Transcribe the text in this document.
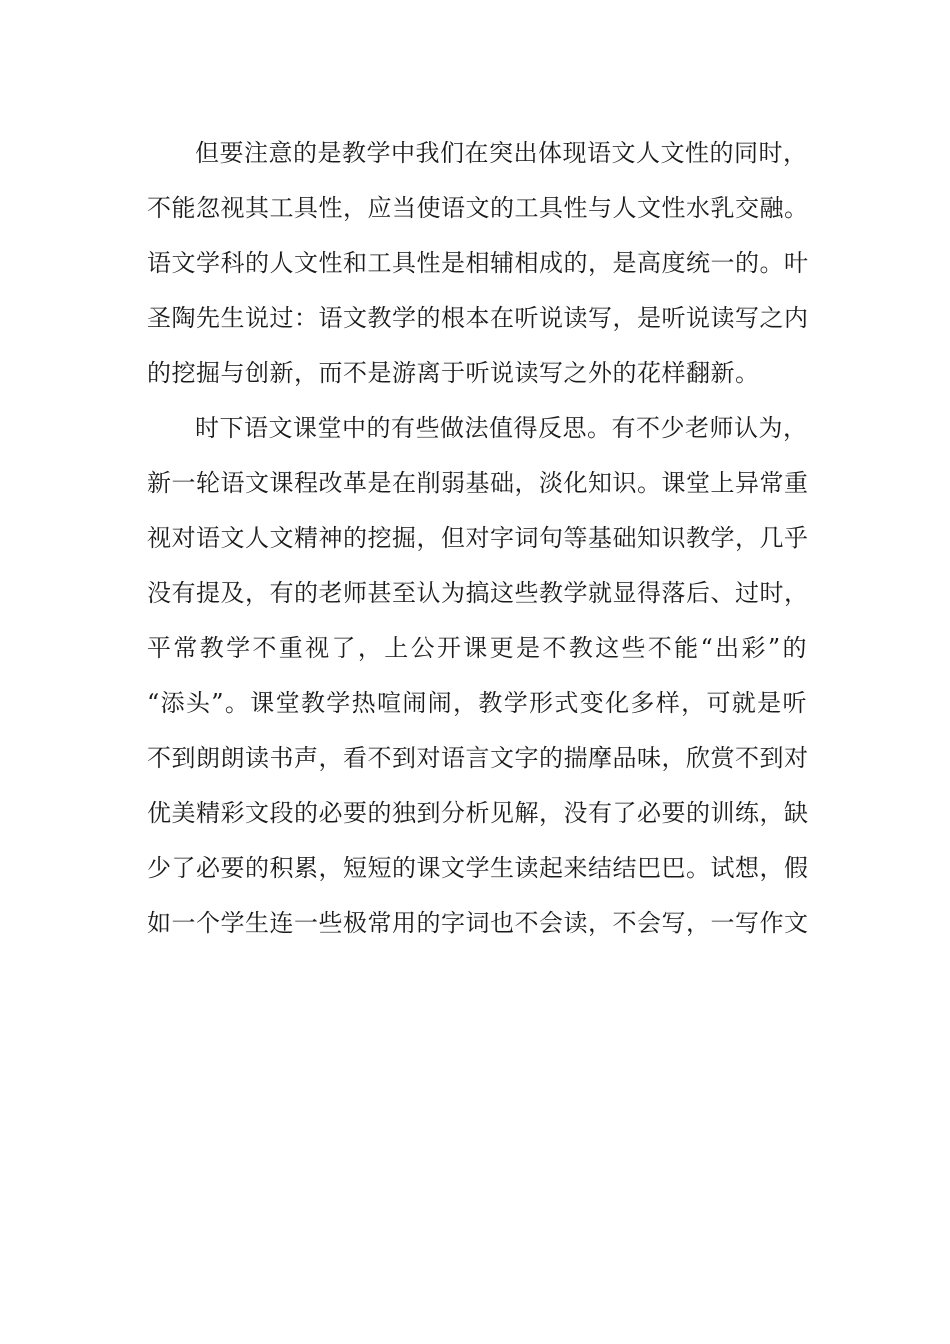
但要注意的是教学中我们在突出体现语文人文性的同时，
不能忽视其工具性，应当使语文的工具性与人文性水乳交融。
语文学科的人文性和工具性是相辅相成的，是高度统一的。叶
圣陶先生说过：语文教学的根本在听说读写，是听说读写之内
的挖掘与创新，而不是游离于听说读写之外的花样翻新。
时下语文课堂中的有些做法值得反思。有不少老师认为，
新一轮语文课程改革是在削弱基础，淡化知识。课堂上异常重
视对语文人文精神的挖掘，但对字词句等基础知识教学，几乎
没有提及，有的老师甚至认为搞这些教学就显得落后、过时，
平常教学不重视了，上公开课更是不教这些不能“出彩”的
“添头”。课堂教学热喧闹闹，教学形式变化多样，可就是听
不到朗朗读书声，看不到对语言文字的揣摩品味，欣赏不到对
优美精彩文段的必要的独到分析见解，没有了必要的训练，缺
少了必要的积累，短短的课文学生读起来结结巴巴。试想，假
如一个学生连一些极常用的字词也不会读，不会写，一写作文
